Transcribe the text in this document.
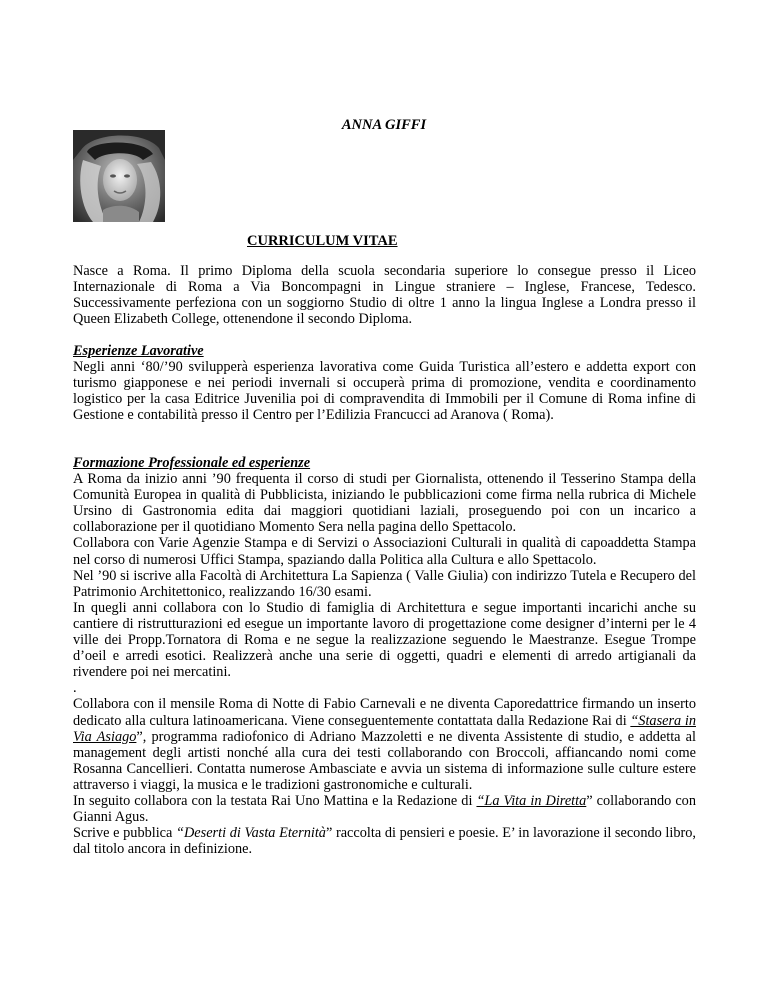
ANNA GIFFI
CURRICULUM VITAE

Nasce a Roma. Il primo Diploma della scuola secondaria superiore lo consegue presso il Liceo Internazionale di Roma a Via Boncompagni in Lingue straniere – Inglese, Francese, Tedesco. Successivamente perfeziona con un soggiorno Studio di oltre 1 anno la lingua Inglese a Londra presso il Queen Elizabeth College, ottenendone il secondo Diploma.

Esperienze Lavorative

Negli anni ‘80/’90 svilupperà esperienza lavorativa come Guida Turistica all’estero e addetta export con turismo giapponese e nei periodi invernali si occuperà prima di promozione, vendita e coordinamento logistico per la casa Editrice Juvenilia poi di compravendita di Immobili per il Comune di Roma infine di Gestione e contabilità presso il Centro per l’Edilizia Francucci ad Aranova ( Roma).

Formazione Professionale ed esperienze

A Roma da inizio anni ’90 frequenta il corso di studi per Giornalista, ottenendo il Tesserino Stampa della Comunità Europea in qualità di Pubblicista, iniziando le pubblicazioni come firma nella rubrica di Michele Ursino di Gastronomia edita dai maggiori quotidiani laziali, proseguendo poi con un incarico a collaborazione per il quotidiano Momento Sera nella pagina dello Spettacolo.

Collabora con Varie Agenzie Stampa e di Servizi o Associazioni Culturali in qualità di capoaddetta Stampa nel corso di numerosi Uffici Stampa, spaziando dalla Politica alla Cultura e allo Spettacolo.

Nel ’90 si iscrive alla Facoltà di Architettura La Sapienza ( Valle Giulia) con indirizzo Tutela e Recupero del Patrimonio Architettonico, realizzando 16/30 esami.

In quegli anni collabora con lo Studio di famiglia di Architettura e segue importanti incarichi anche su cantiere di ristrutturazioni ed esegue un importante lavoro di progettazione come designer d’interni per le 4 ville dei Propp.Tornatora di Roma e ne segue la realizzazione seguendo le Maestranze. Esegue Trompe d’oeil e arredi esotici. Realizzerà anche una serie di oggetti, quadri e elementi di arredo artigianali da rivendere poi nei mercatini.

.

Collabora con il mensile Roma di Notte di Fabio Carnevali e ne diventa Caporedattrice firmando un inserto dedicato alla cultura latinoamericana. Viene conseguentemente contattata dalla Redazione Rai di “Stasera in Via Asiago”, programma radiofonico di Adriano Mazzoletti e ne diventa Assistente di studio, e addetta al management degli artisti nonché alla cura dei testi collaborando con Broccoli, affiancando nomi come Rosanna Cancellieri. Contatta numerose Ambasciate e avvia un sistema di informazione sulle culture estere attraverso i viaggi, la musica e le tradizioni gastronomiche e culturali.

In seguito collabora con la testata Rai Uno Mattina e la Redazione di “La Vita in Diretta” collaborando con Gianni Agus.

Scrive e pubblica “Deserti di Vasta Eternità” raccolta di pensieri e poesie. E’ in lavorazione il secondo libro, dal titolo ancora in definizione.
